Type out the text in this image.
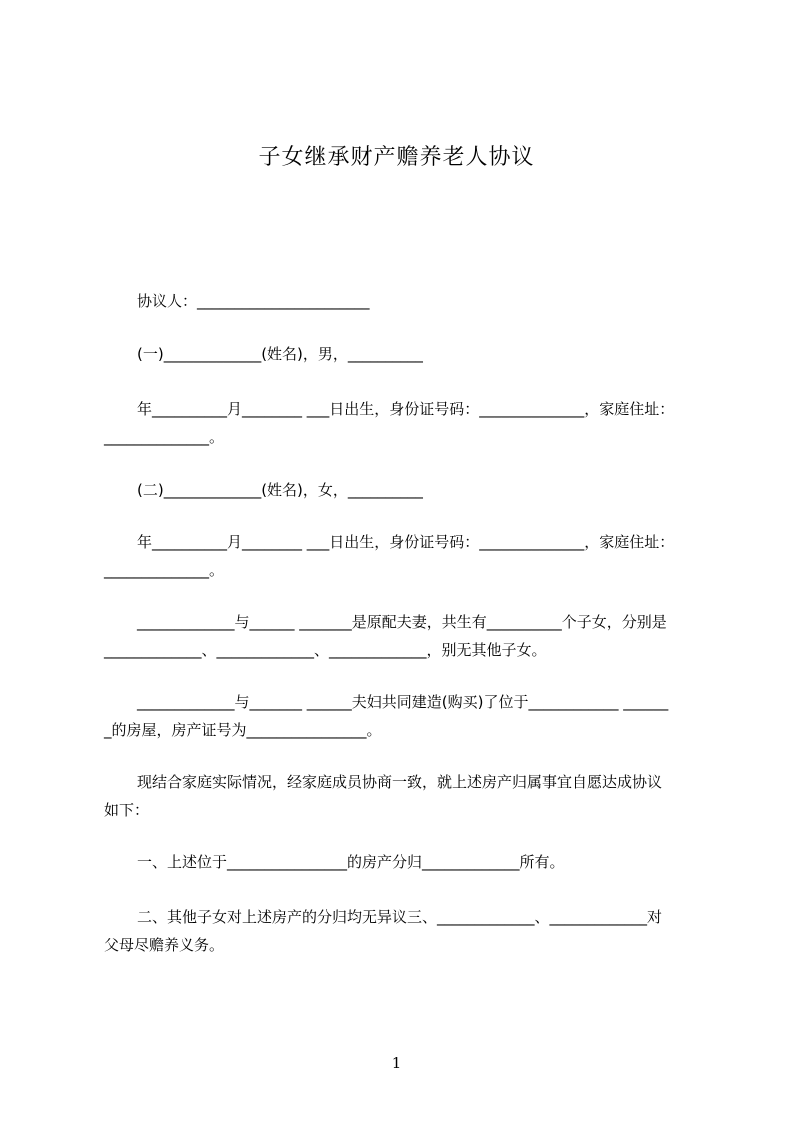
子女继承财产赡养老人协议
协议人：_______________________
(一)_____________(姓名)，男，__________
年__________月________ ___日出生，身份证号码：______________，家庭住址：
______________。
(二)_____________(姓名)，女，__________
年__________月________ ___日出生，身份证号码：______________，家庭住址：
______________。
_____________与______ _______是原配夫妻，共生有__________个子女，分别是
_____________、_____________、_____________，别无其他子女。
_____________与_______ ______夫妇共同建造(购买)了位于____________ ______
_的房屋，房产证号为________________。
现结合家庭实际情况，经家庭成员协商一致，就上述房产归属事宜自愿达成协议
如下：
一、上述位于________________的房产分归_____________所有。
二、其他子女对上述房产的分归均无异议三、_____________、_____________对
父母尽赡养义务。
1
